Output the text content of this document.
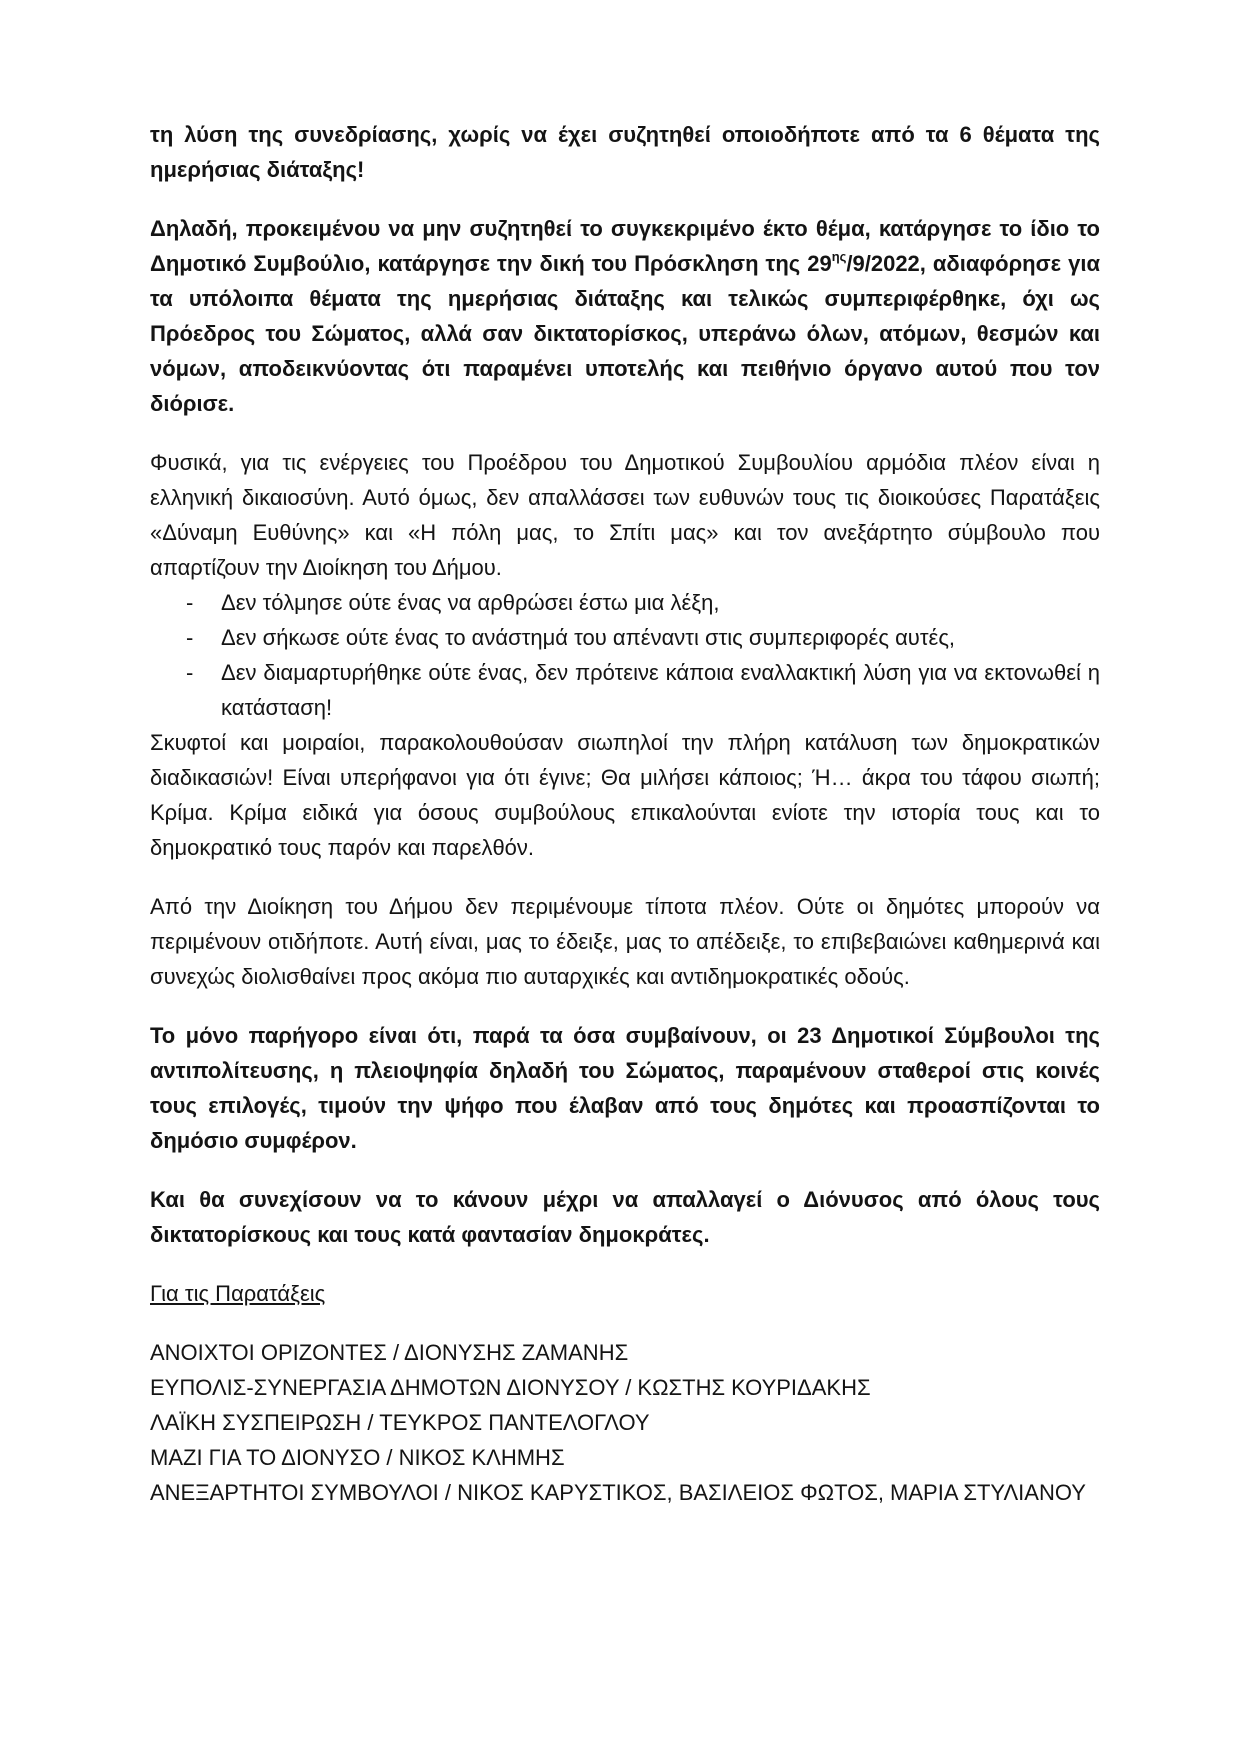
τη λύση της συνεδρίασης, χωρίς να έχει συζητηθεί οποιοδήποτε από τα 6 θέματα της ημερήσιας διάταξης!

Δηλαδή, προκειμένου να μην συζητηθεί το συγκεκριμένο έκτο θέμα, κατάργησε το ίδιο το Δημοτικό Συμβούλιο, κατάργησε την δική του Πρόσκληση της $29^{\eta\varsigma}/9/2022$, αδιαφόρησε για τα υπόλοιπα θέματα της ημερήσιας διάταξης και τελικώς συμπεριφέρθηκε, όχι ως Πρόεδρος του Σώματος, αλλά σαν δικτατορίσκος, υπεράνω όλων, ατόμων, θεσμών και νόμων, αποδεικνύοντας ότι παραμένει υποτελής και πειθήνιο όργανο αυτού που τον διόρισε.

Φυσικά, για τις ενέργειες του Προέδρου του Δημοτικού Συμβουλίου αρμόδια πλέον είναι η ελληνική δικαιοσύνη. Αυτό όμως, δεν απαλλάσσει των ευθυνών τους τις διοικούσες Παρατάξεις «Δύναμη Ευθύνης» και «Η πόλη μας, το Σπίτι μας» και τον ανεξάρτητο σύμβουλο που απαρτίζουν την Διοίκηση του Δήμου.

- Δεν τόλμησε ούτε ένας να αρθρώσει έστω μια λέξη,
- Δεν σήκωσε ούτε ένας το ανάστημά του απέναντι στις συμπεριφορές αυτές,
- Δεν διαμαρτυρήθηκε ούτε ένας, δεν πρότεινε κάποια εναλλακτική λύση για να εκτονωθεί η κατάσταση!

Σκυφτοί και μοιραίοι, παρακολουθούσαν σιωπηλοί την πλήρη κατάλυση των δημοκρατικών διαδικασιών! Είναι υπερήφανοι για ότι έγινε; Θα μιλήσει κάποιος; Ή… άκρα του τάφου σιωπή; Κρίμα. Κρίμα ειδικά για όσους συμβούλους επικαλούνται ενίοτε την ιστορία τους και το δημοκρατικό τους παρόν και παρελθόν.

Από την Διοίκηση του Δήμου δεν περιμένουμε τίποτα πλέον. Ούτε οι δημότες μπορούν να περιμένουν οτιδήποτε. Αυτή είναι, μας το έδειξε, μας το απέδειξε, το επιβεβαιώνει καθημερινά και συνεχώς διολισθαίνει προς ακόμα πιο αυταρχικές και αντιδημοκρατικές οδούς.

Το μόνο παρήγορο είναι ότι, παρά τα όσα συμβαίνουν, οι 23 Δημοτικοί Σύμβουλοι της αντιπολίτευσης, η πλειοψηφία δηλαδή του Σώματος, παραμένουν σταθεροί στις κοινές τους επιλογές, τιμούν την ψήφο που έλαβαν από τους δημότες και προασπίζονται το δημόσιο συμφέρον.

Και θα συνεχίσουν να το κάνουν μέχρι να απαλλαγεί ο Διόνυσος από όλους τους δικτατορίσκους και τους κατά φαντασίαν δημοκράτες.

Για τις Παρατάξεις

ΑΝΟΙΧΤΟΙ ΟΡΙΖΟΝΤΕΣ / ΔΙΟΝΥΣΗΣ ΖΑΜΑΝΗΣ

ΕΥΠΟΛΙΣ-ΣΥΝΕΡΓΑΣΙΑ ΔΗΜΟΤΩΝ ΔΙΟΝΥΣΟΥ / ΚΩΣΤΗΣ ΚΟΥΡΙΔΑΚΗΣ

ΛΑΪΚΗ ΣΥΣΠΕΙΡΩΣΗ / ΤΕΥΚΡΟΣ ΠΑΝΤΕΛΟΓΛΟΥ

ΜΑΖΙ ΓΙΑ ΤΟ ΔΙΟΝΥΣΟ / ΝΙΚΟΣ ΚΛΗΜΗΣ

ΑΝΕΞΑΡΤΗΤΟΙ ΣΥΜΒΟΥΛΟΙ / ΝΙΚΟΣ ΚΑΡΥΣΤΙΚΟΣ, ΒΑΣΙΛΕΙΟΣ ΦΩΤΟΣ, ΜΑΡΙΑ ΣΤΥΛΙΑΝΟΥ
